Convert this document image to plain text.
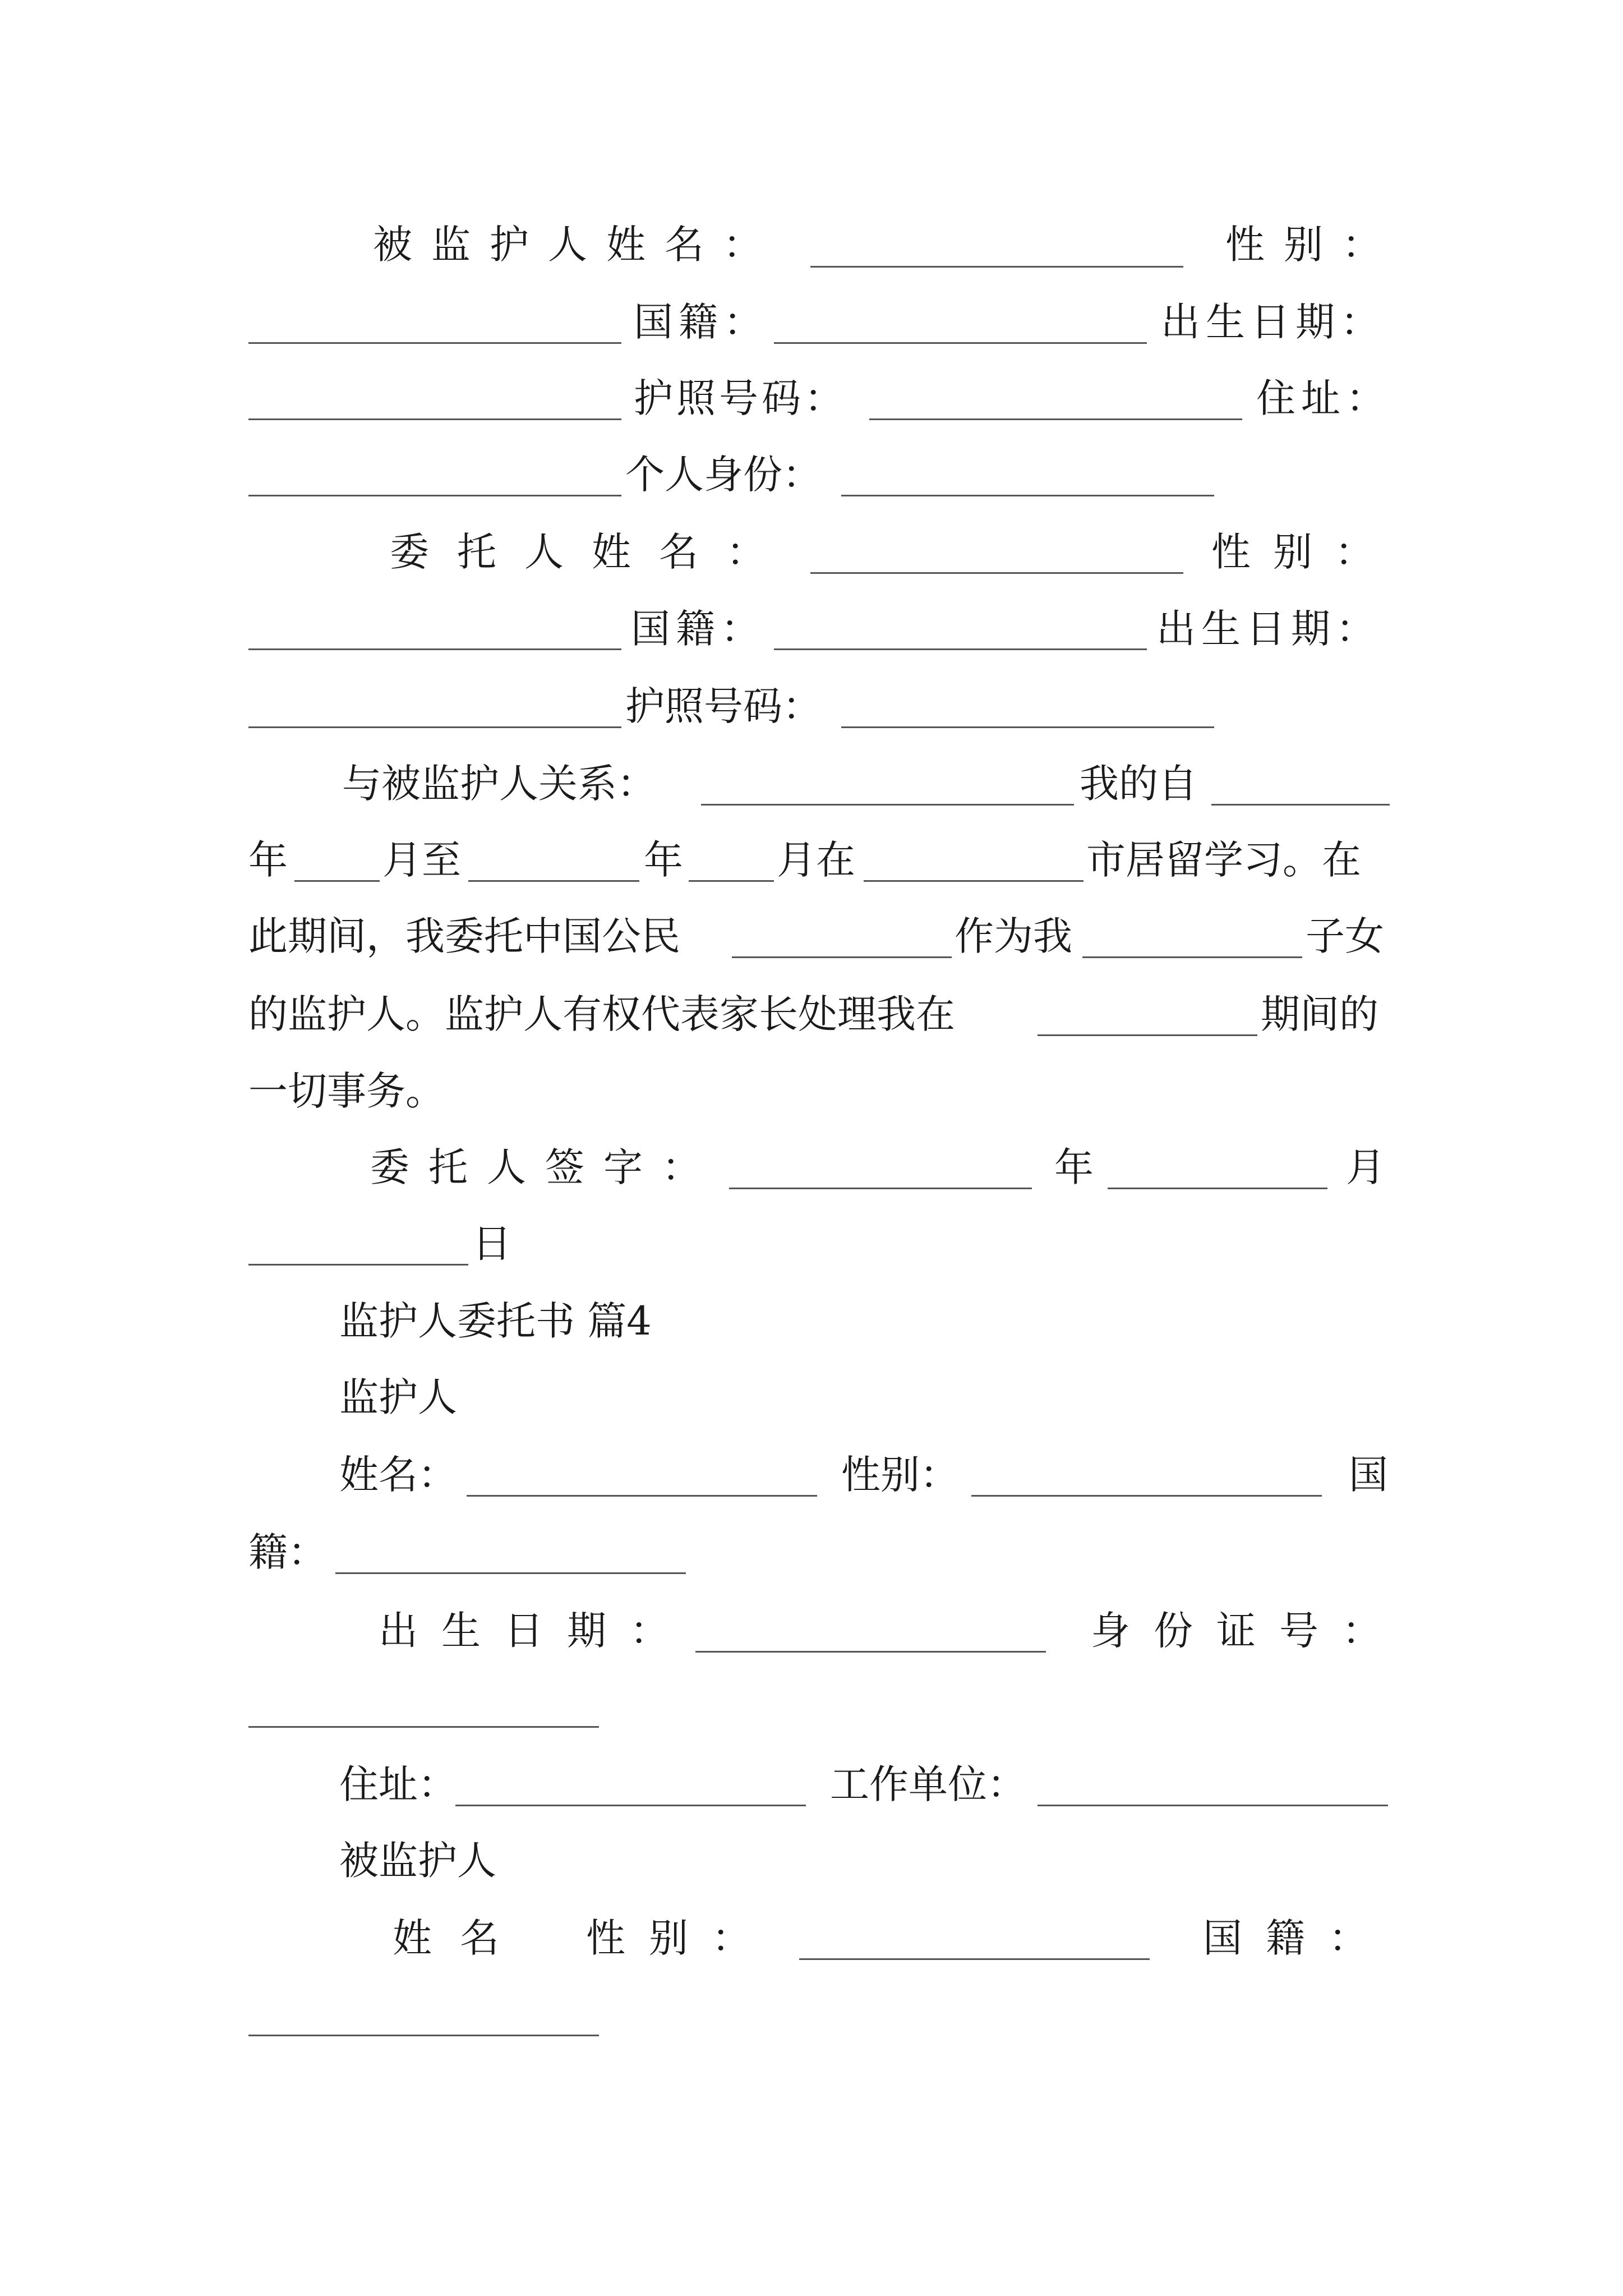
被监护人姓名：	性别：
国籍：	出生日期：
护照号码：	住址：
个人身份：
委托人姓名：	性别：
国籍：	出生日期：
护照号码：
与被监护人关系：	我的自
年 月至	年 月在	市居留学习。在
此期间，我委托中国公民	作为我	子女
的监护人。监护人有权代表家长处理我在	期间的
一切事务。
委托人签字：	年	月
日
监护人委托书 篇4
监护人
姓名：	性别：	国
籍：
出生日期：	身份证号：
住址：	工作单位：
被监护人
姓名 性别：	国籍：
